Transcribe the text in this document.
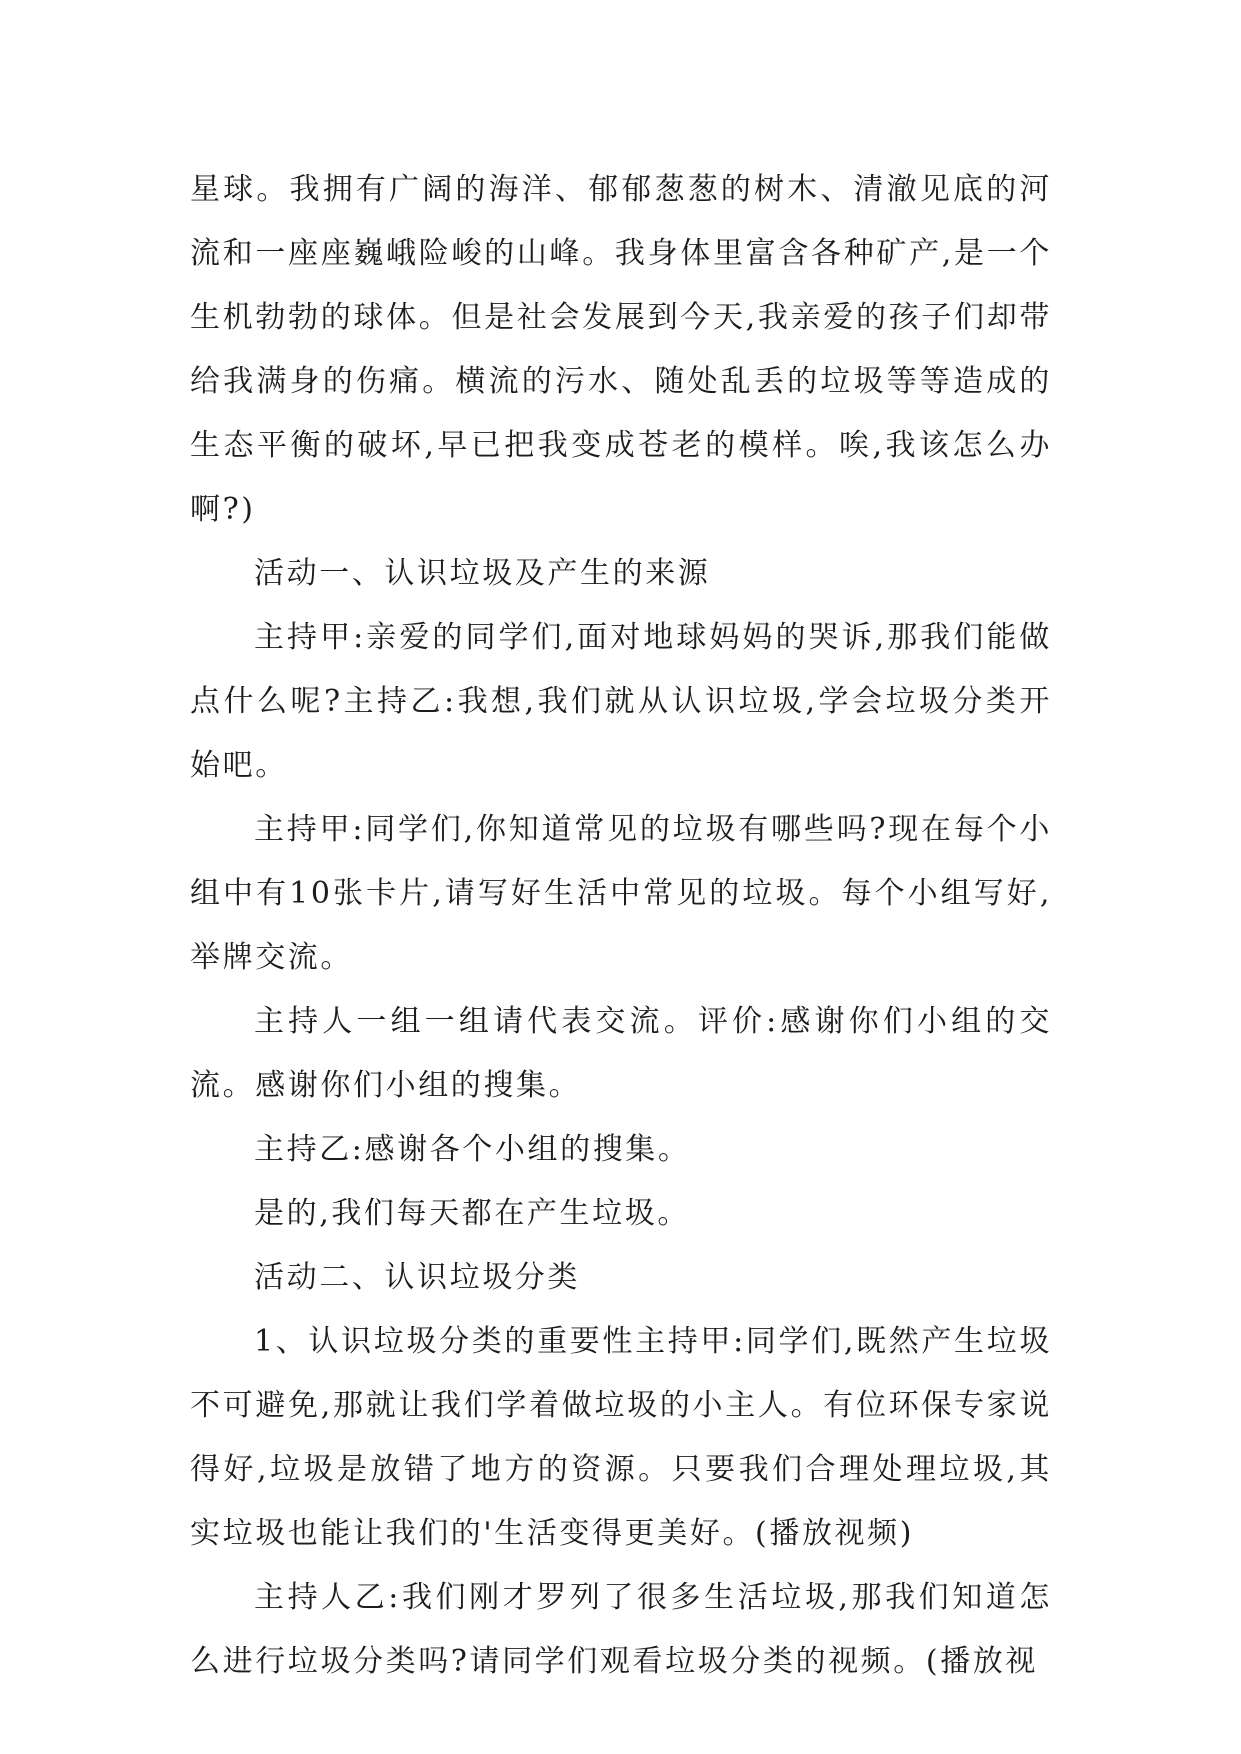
星球。我拥有广阔的海洋、郁郁葱葱的树木、清澈见底的河流和一座座巍峨险峻的山峰。我身体里富含各种矿产,是一个生机勃勃的球体。但是社会发展到今天,我亲爱的孩子们却带给我满身的伤痛。横流的污水、随处乱丢的垃圾等等造成的生态平衡的破坏,早已把我变成苍老的模样。唉,我该怎么办啊?)

活动一、认识垃圾及产生的来源

主持甲:亲爱的同学们,面对地球妈妈的哭诉,那我们能做点什么呢?主持乙:我想,我们就从认识垃圾,学会垃圾分类开始吧。

主持甲:同学们,你知道常见的垃圾有哪些吗?现在每个小组中有10张卡片,请写好生活中常见的垃圾。每个小组写好,举牌交流。

主持人一组一组请代表交流。评价:感谢你们小组的交流。感谢你们小组的搜集。

主持乙:感谢各个小组的搜集。

是的,我们每天都在产生垃圾。

活动二、认识垃圾分类

1、认识垃圾分类的重要性主持甲:同学们,既然产生垃圾不可避免,那就让我们学着做垃圾的小主人。有位环保专家说得好,垃圾是放错了地方的资源。只要我们合理处理垃圾,其实垃圾也能让我们的'生活变得更美好。(播放视频)

主持人乙:我们刚才罗列了很多生活垃圾,那我们知道怎么进行垃圾分类吗?请同学们观看垃圾分类的视频。(播放视
